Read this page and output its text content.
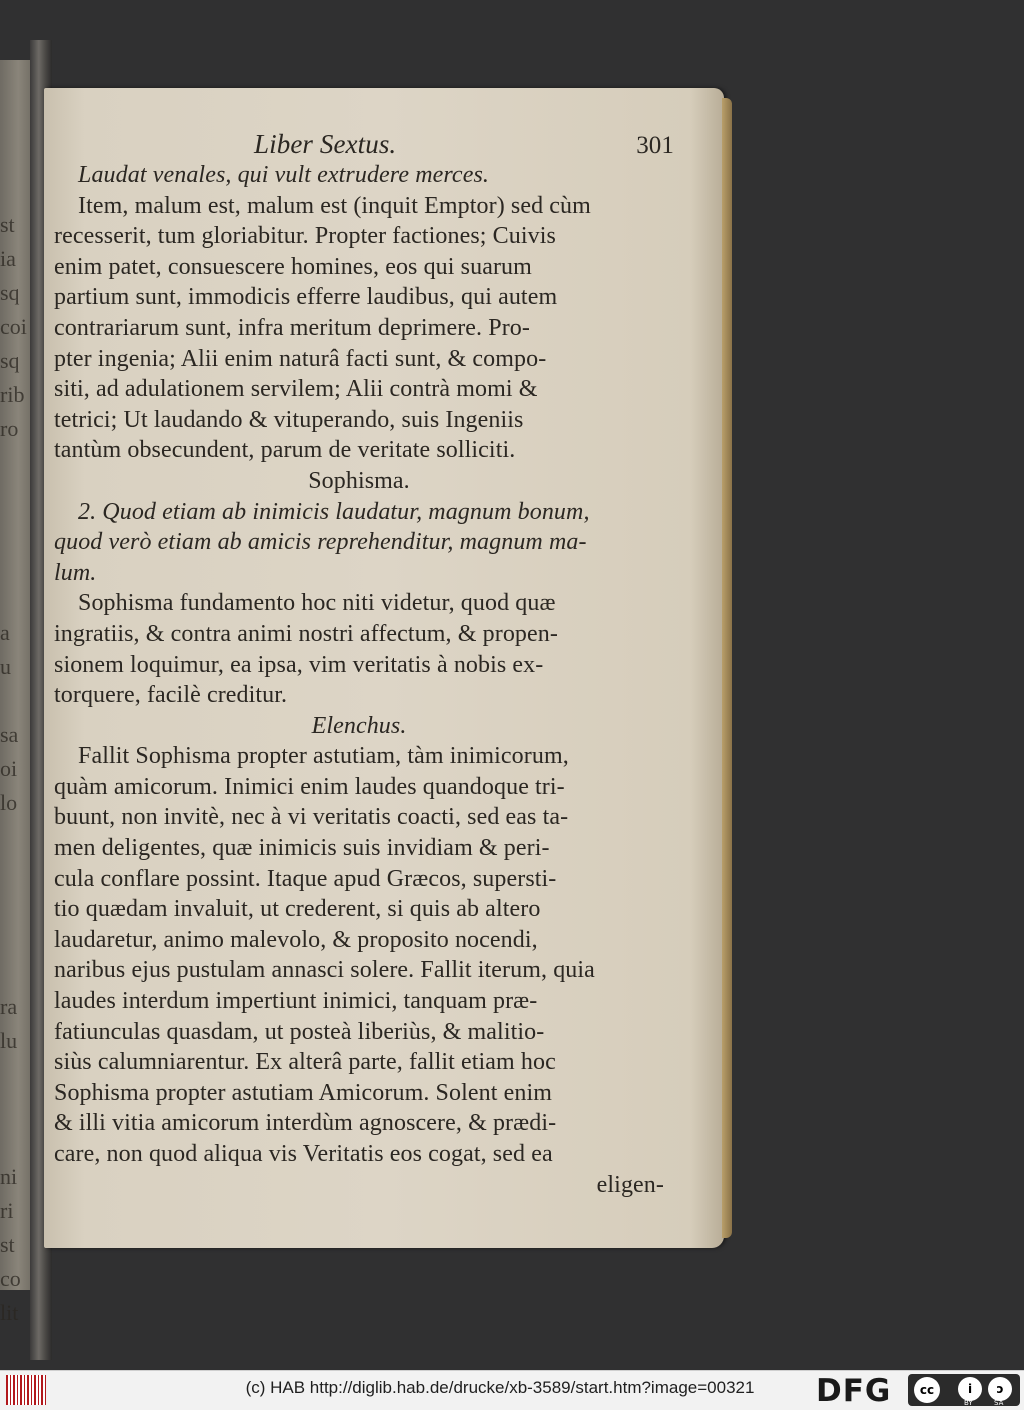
st
ia
sq
coi
sq
rib
ro
a
u
sa
oi
lo
ra
lu
ni
ri
st
co
lit
Liber Sextus.	301
Laudat venales, qui vult extrudere merces.
Item, malum est, malum est (inquit Emptor) sed cùm
recesserit, tum gloriabitur. Propter factiones; Cuivis
enim patet, consuescere homines, eos qui suarum
partium sunt, immodicis efferre laudibus, qui autem
contrariarum sunt, infra meritum deprimere. Pro-
pter ingenia; Alii enim naturâ facti sunt, & compo-
siti, ad adulationem servilem; Alii contrà momi &
tetrici; Ut laudando & vituperando, suis Ingeniis
tantùm obsecundent, parum de veritate solliciti.
Sophisma.
2. Quod etiam ab inimicis laudatur, magnum bonum,
quod verò etiam ab amicis reprehenditur, magnum ma-
lum.
Sophisma fundamento hoc niti videtur, quod quæ
ingratiis, & contra animi nostri affectum, & propen-
sionem loquimur, ea ipsa, vim veritatis à nobis ex-
torquere, facilè creditur.
Elenchus.
Fallit Sophisma propter astutiam, tàm inimicorum,
quàm amicorum. Inimici enim laudes quandoque tri-
buunt, non invitè, nec à vi veritatis coacti, sed eas ta-
men deligentes, quæ inimicis suis invidiam & peri-
cula conflare possint. Itaque apud Græcos, supersti-
tio quædam invaluit, ut crederent, si quis ab altero
laudaretur, animo malevolo, & proposito nocendi,
naribus ejus pustulam annasci solere. Fallit iterum, quia
laudes interdum impertiunt inimici, tanquam præ-
fatiunculas quasdam, ut posteà liberiùs, & malitio-
siùs calumniarentur. Ex alterâ parte, fallit etiam hoc
Sophisma propter astutiam Amicorum. Solent enim
& illi vitia amicorum interdùm agnoscere, & prædi-
care, non quod aliqua vis Veritatis eos cogat, sed ea
eligen-
(c) HAB http://diglib.hab.de/drucke/xb-3589/start.htm?image=00321	DFG	cc	i	ↄ
BY	SA
